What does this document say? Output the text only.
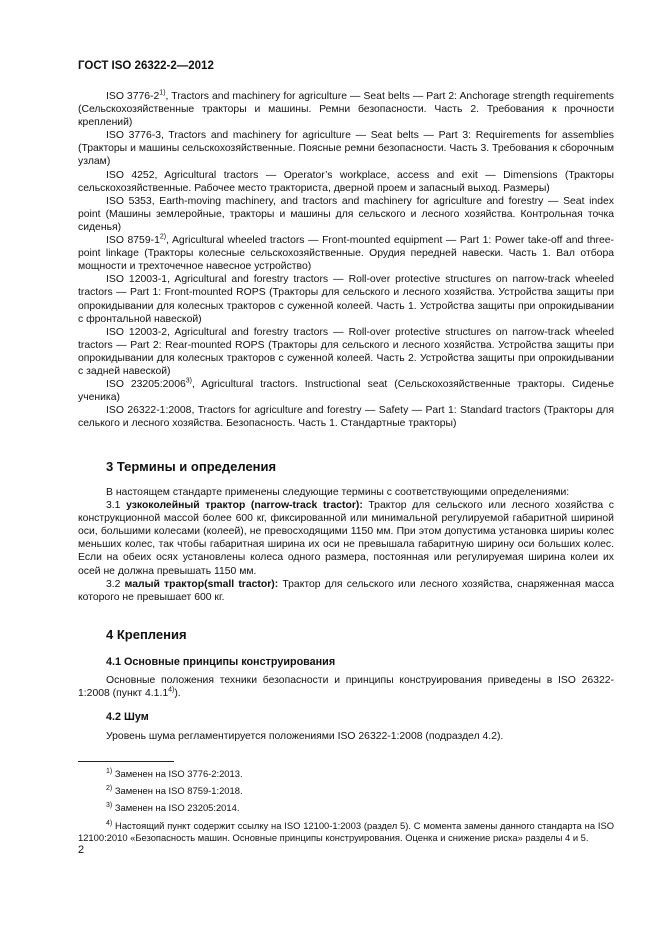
ГОСТ ISO 26322-2—2012

ISO 3776-2$^{1)}$, Tractors and machinery for agriculture — Seat belts — Part 2: Anchorage strength requirements (Сельскохозяйственные тракторы и машины. Ремни безопасности. Часть 2. Требования к прочности креплений)

ISO 3776-3, Tractors and machinery for agriculture — Seat belts — Part 3: Requirements for assemblies (Тракторы и машины сельскохозяйственные. Поясные ремни безопасности. Часть 3. Требования к сборочным узлам)

ISO 4252, Agricultural tractors — Operator’s workplace, access and exit — Dimensions (Тракторы сельскохозяйственные. Рабочее место тракториста, дверной проем и запасный выход. Размеры)

ISO 5353, Earth-moving machinery, and tractors and machinery for agriculture and forestry — Seat index point (Машины землеройные, тракторы и машины для сельского и лесного хозяйства. Контрольная точка сиденья)

ISO 8759-1$^{2)}$, Agricultural wheeled tractors — Front-mounted equipment — Part 1: Power take-off and three-point linkage (Тракторы колесные сельскохозяйственные. Орудия передней навески. Часть 1. Вал отбора мощности и трехточечное навесное устройство)

ISO 12003-1, Agricultural and forestry tractors — Roll-over protective structures on narrow-track wheeled tractors — Part 1: Front-mounted ROPS (Тракторы для сельского и лесного хозяйства. Устройства защиты при опрокидывании для колесных тракторов с суженной колеей. Часть 1. Устройства защиты при опрокидывании с фронтальной навеской)

ISO 12003-2, Agricultural and forestry tractors — Roll-over protective structures on narrow-track wheeled tractors — Part 2: Rear-mounted ROPS (Тракторы для сельского и лесного хозяйства. Устройства защиты при опрокидывании для колесных тракторов с суженной колеей. Часть 2. Устройства защиты при опрокидывании с задней навеской)

ISO 23205:2006$^{3)}$, Agricultural tractors. Instructional seat (Сельскохозяйственные тракторы. Сиденье ученика)

ISO 26322-1:2008, Tractors for agriculture and forestry — Safety — Part 1: Standard tractors (Тракторы для селького и лесного хозяйства. Безопасность. Часть 1. Стандартные тракторы)

3 Термины и определения

В настоящем стандарте применены следующие термины с соответствующими определениями:

3.1 узкоколейный трактор (narrow-track tractor): Трактор для сельского или лесного хозяйства с конструкционной массой более 600 кг, фиксированной или минимальной регулируемой габаритной шириной оси, большими колесами (колеей), не превосходящими 1150 мм. При этом допустима установка шириы колес меньших колес, так чтобы габаритная ширина их оси не превышала габаритную ширину оси больших колес. Если на обеих осях установлены колеса одного размера, постоянная или регулируемая ширина колеи их осей не должна превышать 1150 мм.

3.2 малый трактор(small tractor): Трактор для сельского или лесного хозяйства, снаряженная масса которого не превышает 600 кг.

4 Крепления
4.1 Основные принципы конструирования

Основные положения техники безопасности и принципы конструирования приведены в ISO 26322-1:2008 (пункт 4.1.1$^{4)}$).

4.2 Шум

Уровень шума регламентируется положениями ISO 26322-1:2008 (подраздел 4.2).

$^{1)}$ Заменен на ISO 3776-2:2013.

$^{2)}$ Заменен на ISO 8759-1:2018.

$^{3)}$ Заменен на ISO 23205:2014.

$^{4)}$ Настоящий пункт содержит ссылку на ISO 12100-1:2003 (раздел 5). С момента замены данного стандарта на ISO 12100:2010 «Безопасность машин. Основные принципы конструирования. Оценка и снижение риска» разделы 4 и 5.

2
